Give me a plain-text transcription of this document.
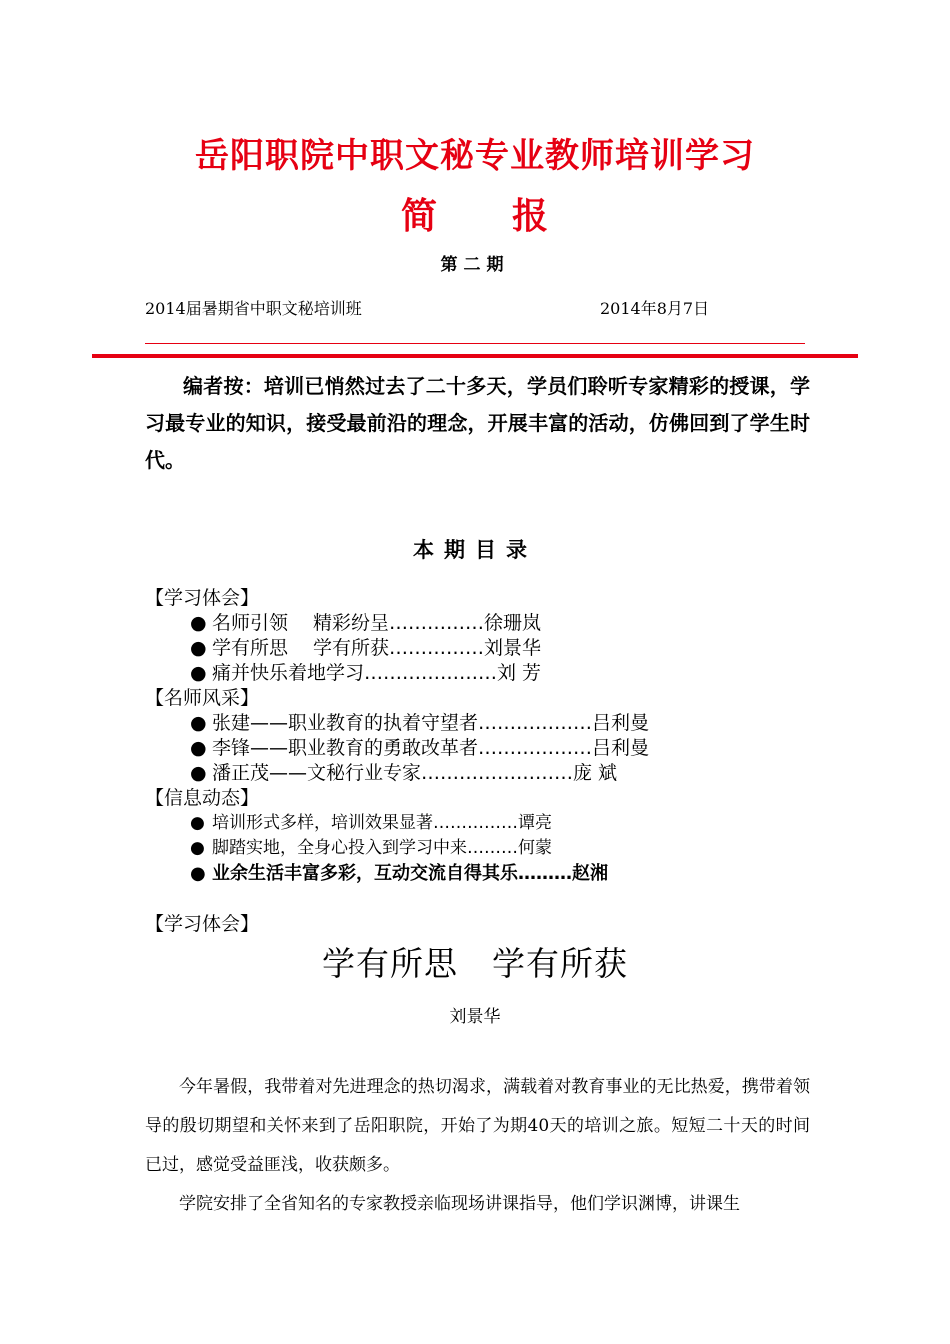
岳阳职院中职文秘专业教师培训学习
简　　报
第二期
2014届暑期省中职文秘培训班	2014年8月7日
编者按：培训已悄然过去了二十多天，学员们聆听专家精彩的授课，学习最专业的知识，接受最前沿的理念，开展丰富的活动，仿佛回到了学生时代。
本期目录
【学习体会】
● 名师引领　 精彩纷呈……………徐珊岚
● 学有所思　 学有所获……………刘景华
● 痛并快乐着地学习…………………刘 芳
【名师风采】
● 张建——职业教育的执着守望者………………吕利曼
● 李锋——职业教育的勇敢改革者………………吕利曼
● 潘正茂——文秘行业专家……………………庞 斌
【信息动态】
● 培训形式多样，培训效果显著……………谭亮
● 脚踏实地，全身心投入到学习中来………何蒙
● 业余生活丰富多彩，互动交流自得其乐………赵湘
【学习体会】
学有所思　学有所获
刘景华

今年暑假，我带着对先进理念的热切渴求，满载着对教育事业的无比热爱，携带着领导的殷切期望和关怀来到了岳阳职院，开始了为期40天的培训之旅。短短二十天的时间已过，感觉受益匪浅，收获颇多。

学院安排了全省知名的专家教授亲临现场讲课指导，他们学识渊博，讲课生
